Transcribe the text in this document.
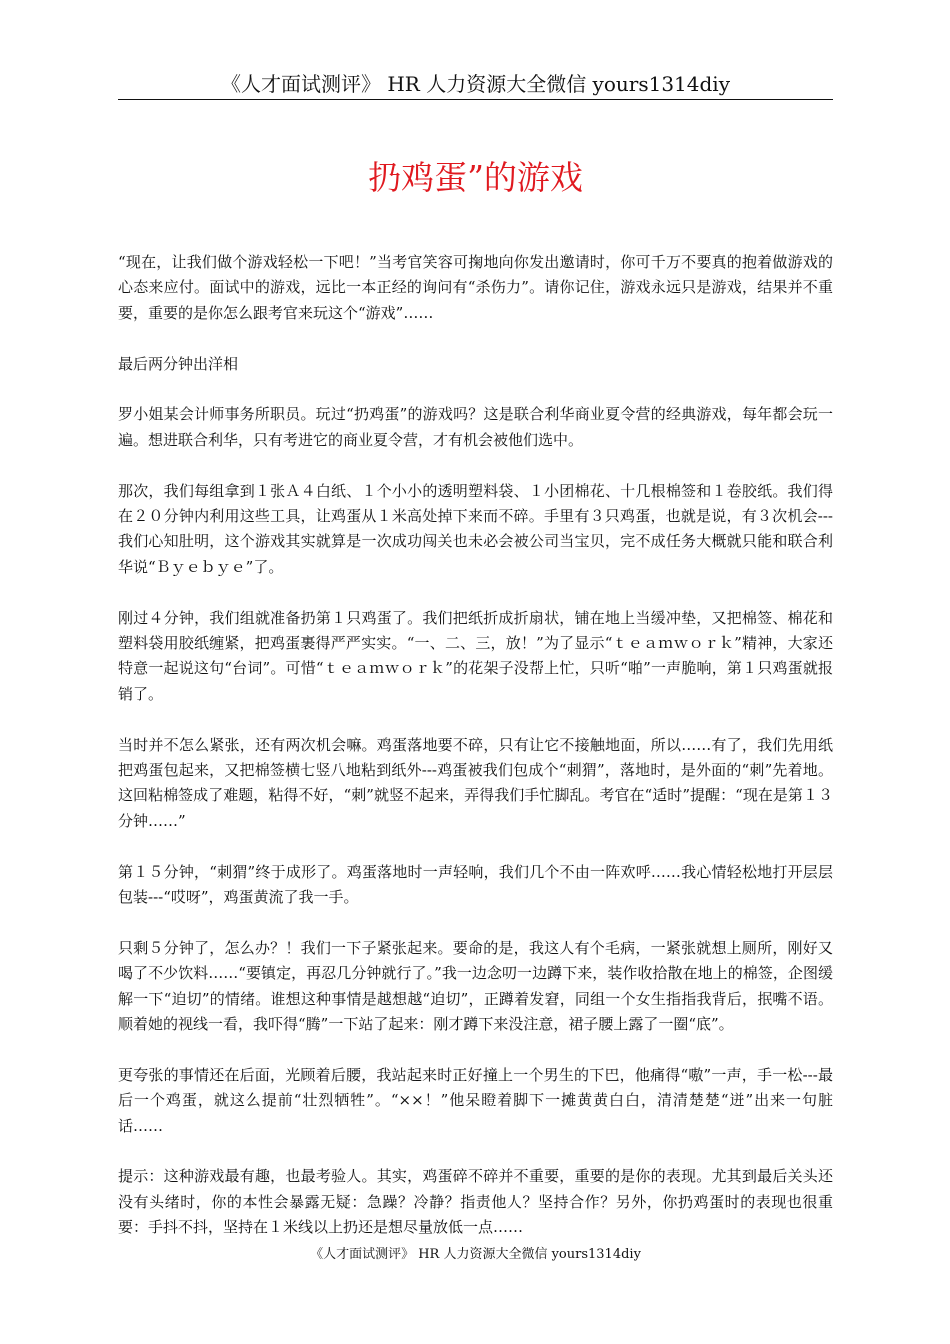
《人才面试测评》 HR 人力资源大全微信 yours1314diy
扔鸡蛋”的游戏

“现在，让我们做个游戏轻松一下吧！”当考官笑容可掬地向你发出邀请时，你可千万不要真的抱着做游戏的心态来应付。面试中的游戏，远比一本正经的询问有“杀伤力”。请你记住，游戏永远只是游戏，结果并不重要，重要的是你怎么跟考官来玩这个“游戏”……

最后两分钟出洋相

罗小姐某会计师事务所职员。玩过“扔鸡蛋”的游戏吗？这是联合利华商业夏令营的经典游戏，每年都会玩一遍。想进联合利华，只有考进它的商业夏令营，才有机会被他们选中。

那次，我们每组拿到１张Ａ４白纸、１个小小的透明塑料袋、１小团棉花、十几根棉签和１卷胶纸。我们得在２０分钟内利用这些工具，让鸡蛋从１米高处掉下来而不碎。手里有３只鸡蛋，也就是说，有３次机会---我们心知肚明，这个游戏其实就算是一次成功闯关也未必会被公司当宝贝，完不成任务大概就只能和联合利华说“Ｂｙｅｂｙｅ”了。

刚过４分钟，我们组就准备扔第１只鸡蛋了。我们把纸折成折扇状，铺在地上当缓冲垫，又把棉签、棉花和塑料袋用胶纸缠紧，把鸡蛋裹得严严实实。“一、二、三，放！”为了显示“ｔｅａｍｗｏｒｋ”精神，大家还特意一起说这句“台词”。可惜“ｔｅａｍｗｏｒｋ”的花架子没帮上忙，只听“啪”一声脆响，第１只鸡蛋就报销了。

当时并不怎么紧张，还有两次机会嘛。鸡蛋落地要不碎，只有让它不接触地面，所以……有了，我们先用纸把鸡蛋包起来，又把棉签横七竖八地粘到纸外---鸡蛋被我们包成个“刺猬”，落地时，是外面的“刺”先着地。这回粘棉签成了难题，粘得不好，“刺”就竖不起来，弄得我们手忙脚乱。考官在“适时”提醒：“现在是第１３分钟……”

第１５分钟，“刺猬”终于成形了。鸡蛋落地时一声轻响，我们几个不由一阵欢呼……我心情轻松地打开层层包装---“哎呀”，鸡蛋黄流了我一手。

只剩５分钟了，怎么办？！我们一下子紧张起来。要命的是，我这人有个毛病，一紧张就想上厕所，刚好又喝了不少饮料……“要镇定，再忍几分钟就行了。”我一边念叨一边蹲下来，装作收拾散在地上的棉签，企图缓解一下“迫切”的情绪。谁想这种事情是越想越“迫切”，正蹲着发窘，同组一个女生指指我背后，抿嘴不语。顺着她的视线一看，我吓得“腾”一下站了起来：刚才蹲下来没注意，裙子腰上露了一圈“底”。

更夸张的事情还在后面，光顾着后腰，我站起来时正好撞上一个男生的下巴，他痛得“嗷”一声，手一松---最后一个鸡蛋，就这么提前“壮烈牺牲”。“××！”他呆瞪着脚下一摊黄黄白白，清清楚楚“迸”出来一句脏话……

提示：这种游戏最有趣，也最考验人。其实，鸡蛋碎不碎并不重要，重要的是你的表现。尤其到最后关头还没有头绪时，你的本性会暴露无疑：急躁？冷静？指责他人？坚持合作？另外，你扔鸡蛋时的表现也很重要：手抖不抖，坚持在１米线以上扔还是想尽量放低一点……

《人才面试测评》 HR 人力资源大全微信 yours1314diy
